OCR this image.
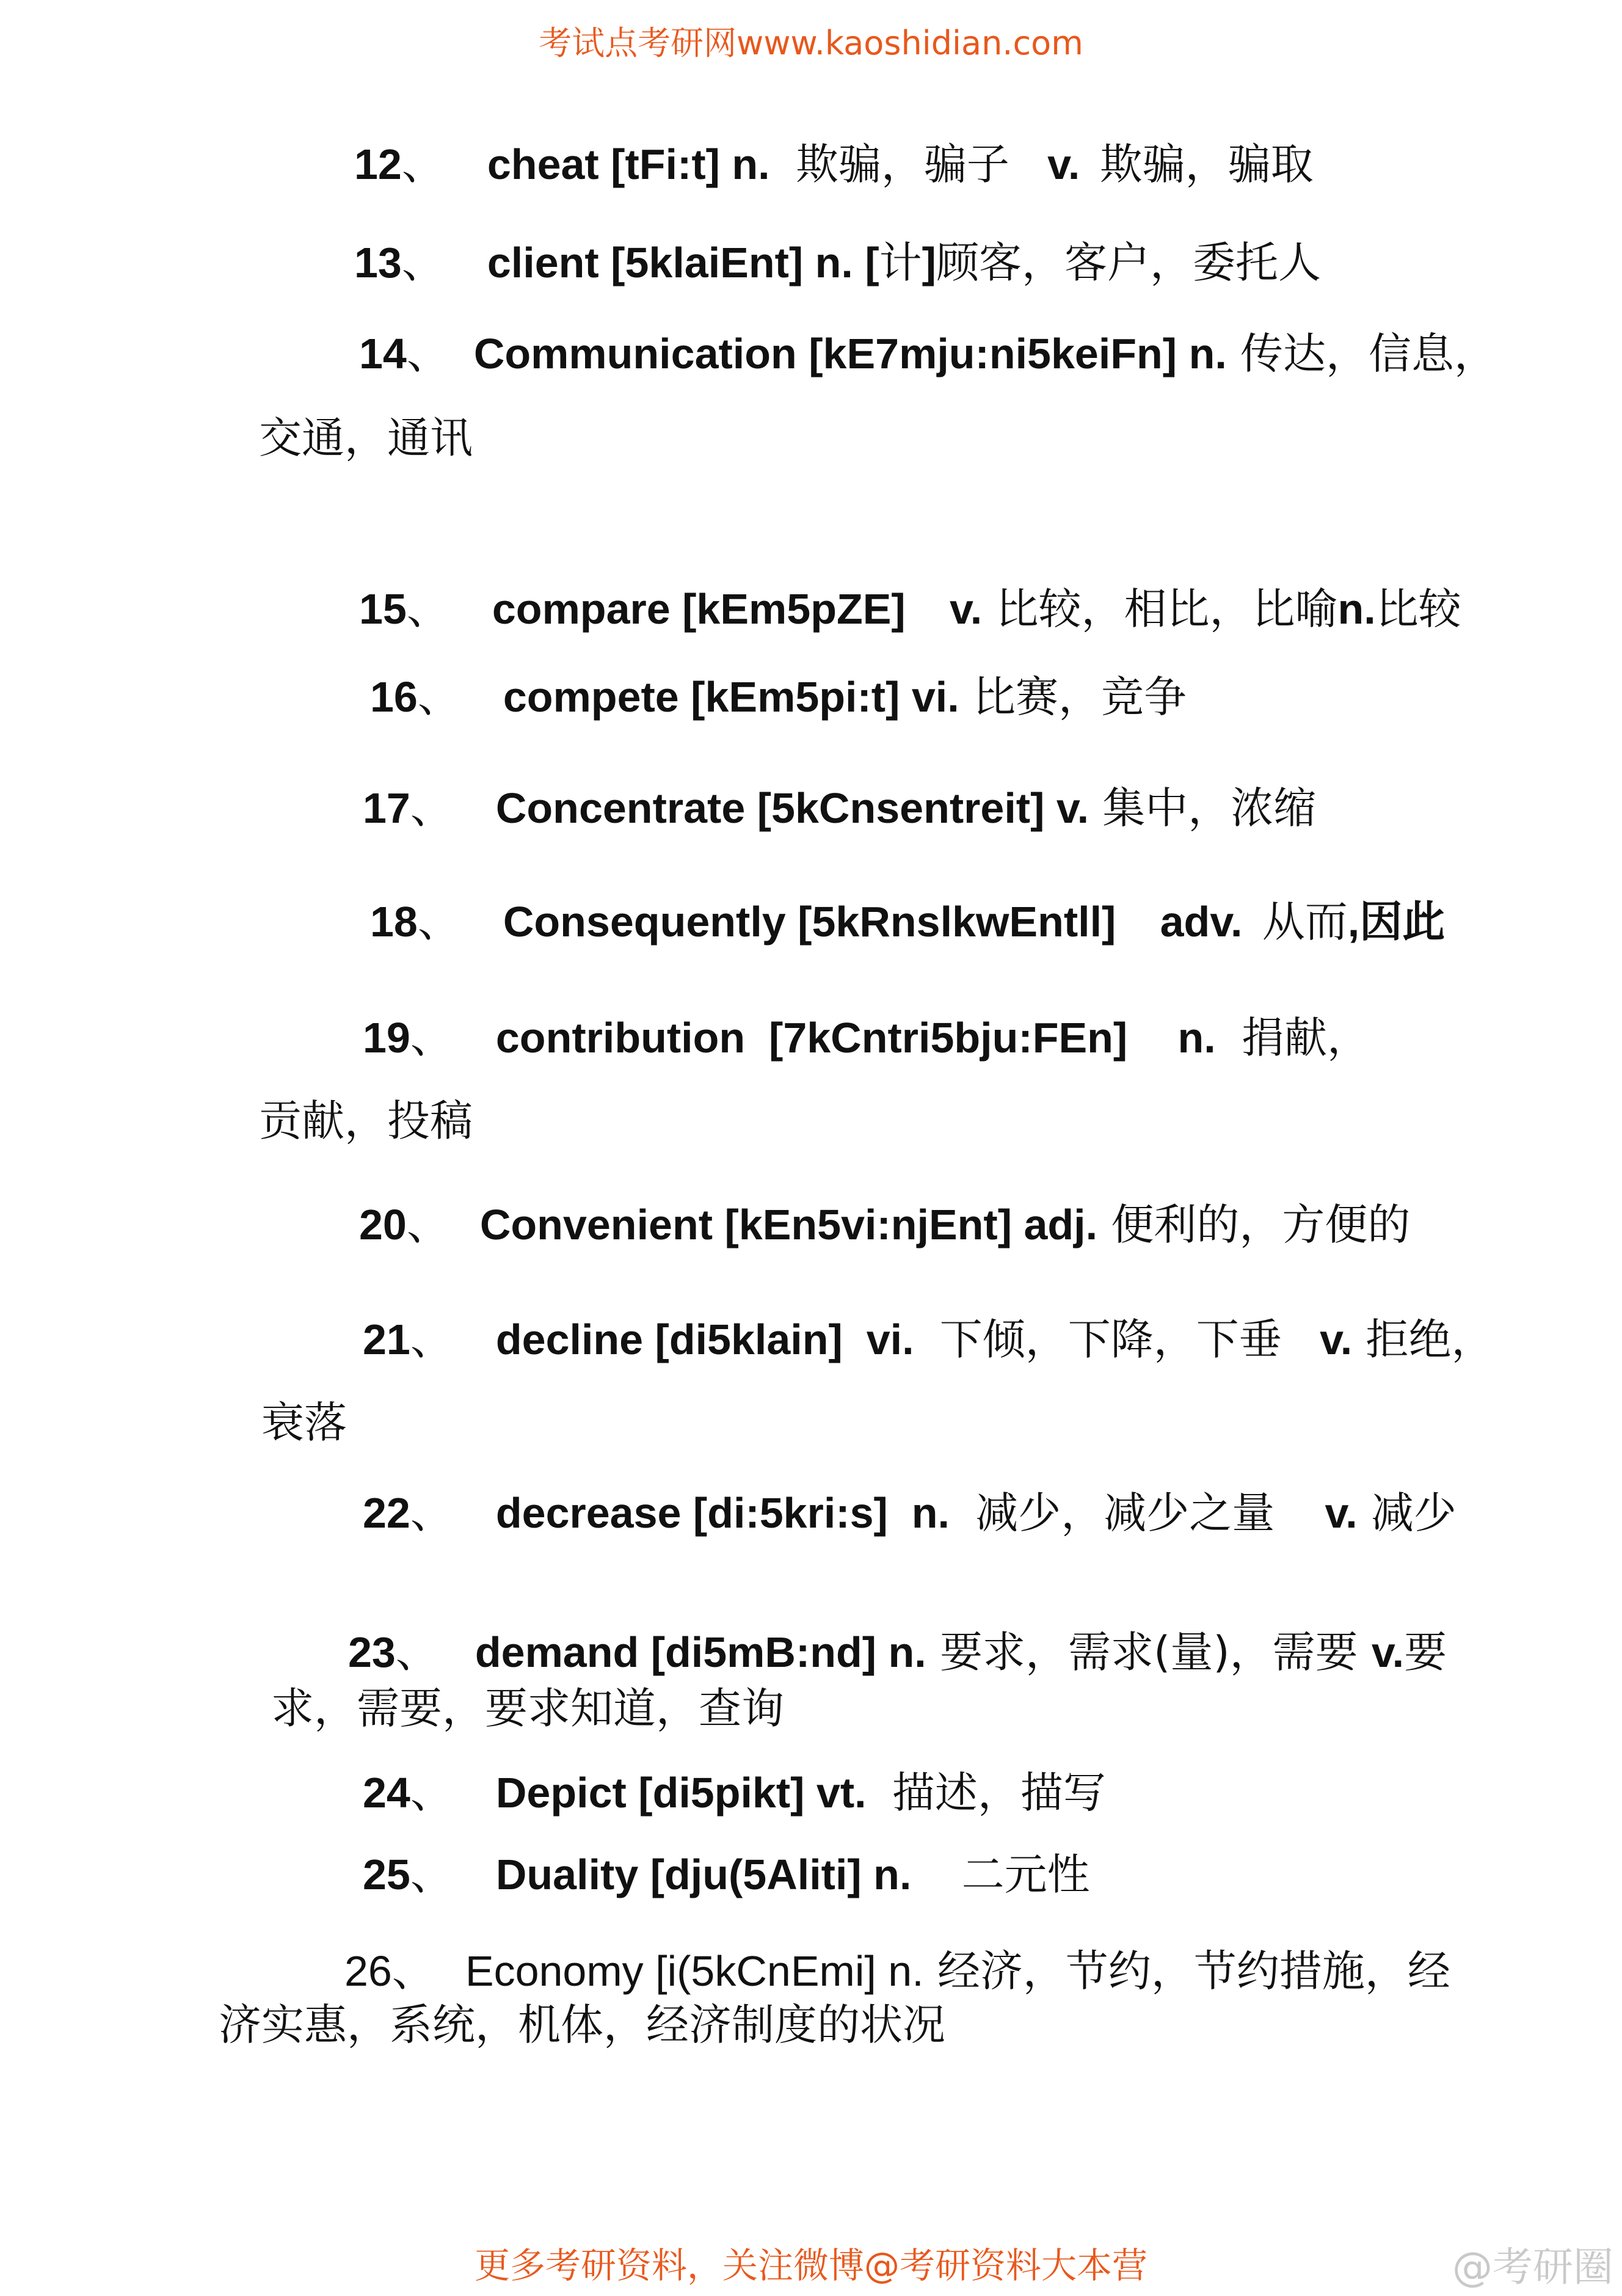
考试点考研网www.kaoshidian.com
12、 cheat [tFi:t] n. 欺骗，骗子 v. 欺骗，骗取
13、 client [5klaiEnt] n. [计]顾客，客户，委托人
14、 Communication [kE7mju:ni5keiFn] n. 传达，信息，
交通，通讯
15、 compare [kEm5pZE] v. 比较，相比，比喻n.比较
16、 compete [kEm5pi:t] vi. 比赛，竞争
17、 Concentrate [5kCnsentreit] v. 集中，浓缩
18、 Consequently [5kRnslkwEntll] adv. 从而,因此
19、 contribution  [7kCntri5bju:FEn] n. 捐献，
贡献，投稿
20、 Convenient [kEn5vi:njEnt] adj. 便利的，方便的
21、 decline [di5klain]  vi. 下倾，下降，下垂 v. 拒绝，
衰落
22、 decrease [di:5kri:s]  n. 减少，减少之量 v. 减少
23、 demand [di5mB:nd] n. 要求，需求(量)，需要 v.要
求，需要，要求知道，查询
24、 Depict [di5pikt] vt. 描述，描写
25、 Duality [dju(5Aliti] n. 二元性
26、 Economy [i(5kCnEmi] n. 经济，节约，节约措施，经
济实惠，系统，机体，经济制度的状况
更多考研资料，关注微博@考研资料大本营	@考研圈
